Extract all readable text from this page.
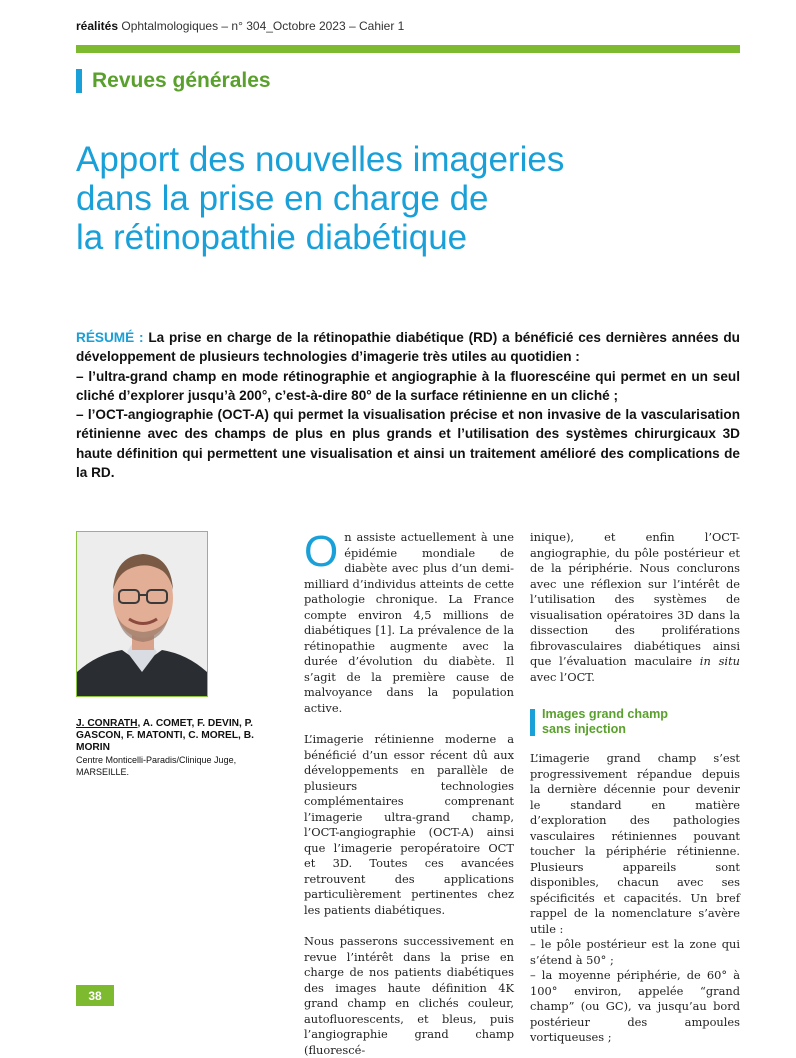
réalités Ophtalmologiques – n° 304_Octobre 2023 – Cahier 1
Revues générales
Apport des nouvelles imageries
dans la prise en charge de
la rétinopathie diabétique

RÉSUMÉ : La prise en charge de la rétinopathie diabétique (RD) a bénéficié ces dernières années du développement de plusieurs technologies d’imagerie très utiles au quotidien :

– l’ultra-grand champ en mode rétinographie et angiographie à la fluorescéine qui permet en un seul cliché d’explorer jusqu’à 200°, c’est-à-dire 80° de la surface rétinienne en un cliché ;

– l’OCT-angiographie (OCT-A) qui permet la visualisation précise et non invasive de la vascularisation rétinienne avec des champs de plus en plus grands et l’utilisation des systèmes chirurgicaux 3D haute définition qui permettent une visualisation et ainsi un traitement amélioré des complications de la RD.

J. CONRATH, A. COMET, F. DEVIN, P. GASCON, F. MATONTI, C. MOREL, B. MORIN
Centre Monticelli-Paradis/Clinique Juge, MARSEILLE.

On assiste actuellement à une épidémie mondiale de diabète avec plus d’un demi-milliard d’individus atteints de cette pathologie chronique. La France compte environ 4,5 millions de diabétiques [1]. La prévalence de la rétinopathie augmente avec la durée d’évolution du diabète. Il s’agit de la première cause de malvoyance dans la population active.

L’imagerie rétinienne moderne a bénéficié d’un essor récent dû aux développements en parallèle de plusieurs technologies complémentaires comprenant l’imagerie ultra-grand champ, l’OCT-angiographie (OCT-A) ainsi que l’imagerie peropératoire OCT et 3D. Toutes ces avancées retrouvent des applications particulièrement pertinentes chez les patients diabétiques.

Nous passerons successivement en revue l’intérêt dans la prise en charge de nos patients diabétiques des images haute définition 4K grand champ en clichés couleur, autofluorescents, et bleus, puis l’angiographie grand champ (fluorescé-

inique), et enfin l’OCT-angiographie, du pôle postérieur et de la périphérie. Nous conclurons avec une réflexion sur l’intérêt de l’utilisation des systèmes de visualisation opératoires 3D dans la dissection des proliférations fibrovasculaires diabétiques ainsi que l’évaluation maculaire in situ avec l’OCT.

Images grand champ
sans injection

L’imagerie grand champ s’est progressivement répandue depuis la dernière décennie pour devenir le standard en matière d’exploration des pathologies vasculaires rétiniennes pouvant toucher la périphérie rétinienne. Plusieurs appareils sont disponibles, chacun avec ses spécificités et capacités. Un bref rappel de la nomenclature s’avère utile :

– le pôle postérieur est la zone qui s’étend à 50° ;

– la moyenne périphérie, de 60° à 100° environ, appelée “grand champ” (ou GC), va jusqu’au bord postérieur des ampoules vortiqueuses ;

38
